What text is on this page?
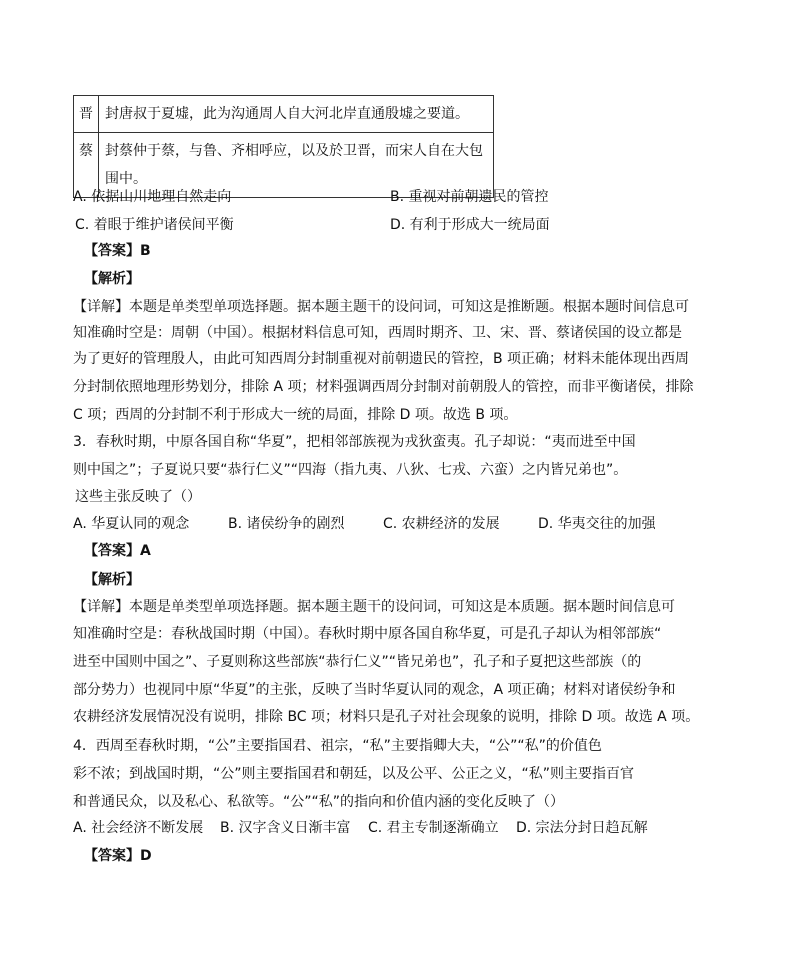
晋	封唐叔于夏墟，此为沟通周人自大河北岸直通殷墟之要道。
蔡	封蔡仲于蔡，与鲁、齐相呼应，以及於卫晋，而宋人自在大包围中。
A. 依据山川地理自然走向	B. 重视对前朝遗民的管控
C. 着眼于维护诸侯间平衡	D. 有利于形成大一统局面
【答案】B
【解析】
【详解】本题是单类型单项选择题。据本题主题干的设问词，可知这是推断题。根据本题时间信息可
知准确时空是：周朝（中国）。根据材料信息可知，西周时期齐、卫、宋、晋、蔡诸侯国的设立都是
为了更好的管理殷人，由此可知西周分封制重视对前朝遗民的管控，B 项正确；材料未能体现出西周
分封制依照地理形势划分，排除 A 项；材料强调西周分封制对前朝殷人的管控，而非平衡诸侯，排除
C 项；西周的分封制不利于形成大一统的局面，排除 D 项。故选 B 项。
3．春秋时期，中原各国自称“华夏”，把相邻部族视为戎狄蛮夷。孔子却说：“夷而进至中国
则中国之”；子夏说只要“恭行仁义”“四海（指九夷、八狄、七戎、六蛮）之内皆兄弟也”。
这些主张反映了（）
A. 华夏认同的观念	B. 诸侯纷争的剧烈	C. 农耕经济的发展	D. 华夷交往的加强
【答案】A
【解析】
【详解】本题是单类型单项选择题。据本题主题干的设问词，可知这是本质题。据本题时间信息可
知准确时空是：春秋战国时期（中国）。春秋时期中原各国自称华夏，可是孔子却认为相邻部族“
进至中国则中国之”、子夏则称这些部族“恭行仁义”“皆兄弟也”，孔子和子夏把这些部族（的
部分势力）也视同中原“华夏”的主张，反映了当时华夏认同的观念，A 项正确；材料对诸侯纷争和
农耕经济发展情况没有说明，排除 BC 项；材料只是孔子对社会现象的说明，排除 D 项。故选 A 项。
4．西周至春秋时期，“公”主要指国君、祖宗，“私”主要指卿大夫，“公”“私”的价值色
彩不浓；到战国时期，“公”则主要指国君和朝廷，以及公平、公正之义，“私”则主要指百官
和普通民众，以及私心、私欲等。“公”“私”的指向和价值内涵的变化反映了（）
A. 社会经济不断发展 B. 汉字含义日渐丰富 C. 君主专制逐渐确立 D. 宗法分封日趋瓦解
【答案】D
